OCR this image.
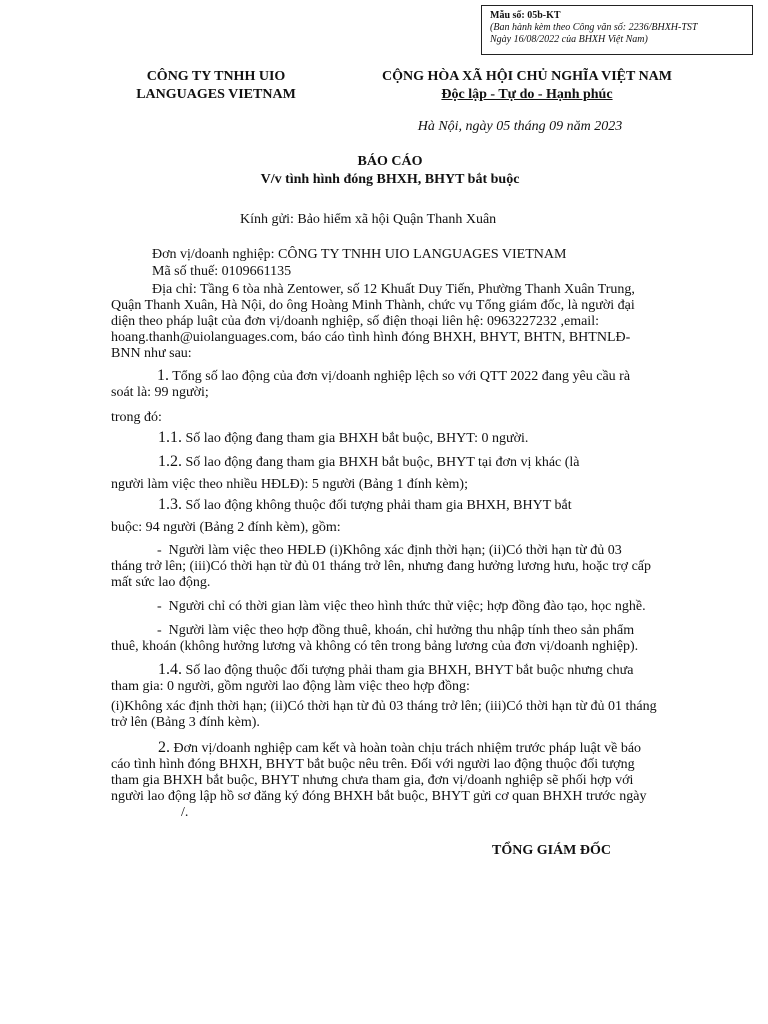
Mẫu số: 05b-KT
(Ban hành kèm theo Công văn số: 2236/BHXH-TST
Ngày 16/08/2022 của BHXH Việt Nam)
CÔNG TY TNHH UIO
LANGUAGES VIETNAM
CỘNG HÒA XÃ HỘI CHỦ NGHĨA VIỆT NAM
Độc lập - Tự do - Hạnh phúc
Hà Nội, ngày 05 tháng 09 năm 2023
BÁO CÁO
V/v tình hình đóng BHXH, BHYT bắt buộc
Kính gửi: Bảo hiểm xã hội Quận Thanh Xuân
Đơn vị/doanh nghiệp: CÔNG TY TNHH UIO LANGUAGES VIETNAM
Mã số thuế: 0109661135
Địa chỉ: Tầng 6 tòa nhà Zentower, số 12 Khuất Duy Tiến, Phường Thanh Xuân Trung,
Quận Thanh Xuân, Hà Nội, do ông Hoàng Minh Thành, chức vụ Tổng giám đốc, là người đại
diện theo pháp luật của đơn vị/doanh nghiệp, số điện thoại liên hệ: 0963227232 ,email:
hoang.thanh@uiolanguages.com, báo cáo tình hình đóng BHXH, BHYT, BHTN, BHTNLĐ-
BNN như sau:
1. Tổng số lao động của đơn vị/doanh nghiệp lệch so với QTT 2022 đang yêu cầu rà
soát là: 99 người;
trong đó:
1.1. Số lao động đang tham gia BHXH bắt buộc, BHYT: 0 người.
1.2. Số lao động đang tham gia BHXH bắt buộc, BHYT tại đơn vị khác (là
người làm việc theo nhiều HĐLĐ): 5 người (Bảng 1 đính kèm);
1.3. Số lao động không thuộc đối tượng phải tham gia BHXH, BHYT bắt
buộc: 94 người (Bảng 2 đính kèm), gồm:
- Người làm việc theo HĐLĐ (i)Không xác định thời hạn; (ii)Có thời hạn từ đủ 03
tháng trở lên; (iii)Có thời hạn từ đủ 01 tháng trở lên, nhưng đang hưởng lương hưu, hoặc trợ cấp
mất sức lao động.
- Người chỉ có thời gian làm việc theo hình thức thử việc; hợp đồng đào tạo, học nghề.
- Người làm việc theo hợp đồng thuê, khoán, chỉ hưởng thu nhập tính theo sản phẩm
thuê, khoán (không hưởng lương và không có tên trong bảng lương của đơn vị/doanh nghiệp).
1.4. Số lao động thuộc đối tượng phải tham gia BHXH, BHYT bắt buộc nhưng chưa
tham gia: 0 người, gồm người lao động làm việc theo hợp đồng:
(i)Không xác định thời hạn; (ii)Có thời hạn từ đủ 03 tháng trở lên; (iii)Có thời hạn từ đủ 01 tháng
trở lên (Bảng 3 đính kèm).
2. Đơn vị/doanh nghiệp cam kết và hoàn toàn chịu trách nhiệm trước pháp luật về báo
cáo tình hình đóng BHXH, BHYT bắt buộc nêu trên. Đối với người lao động thuộc đối tượng
tham gia BHXH bắt buộc, BHYT nhưng chưa tham gia, đơn vị/doanh nghiệp sẽ phối hợp với
người lao động lập hồ sơ đăng ký đóng BHXH bắt buộc, BHYT gửi cơ quan BHXH trước ngày
/.
TỔNG GIÁM ĐỐC
